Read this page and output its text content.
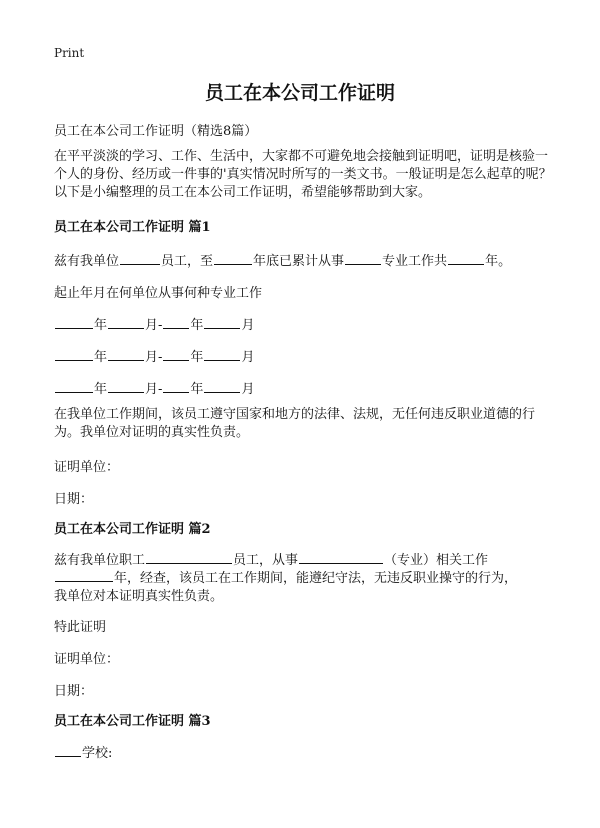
Print
员工在本公司工作证明
员工在本公司工作证明（精选8篇）
在平平淡淡的学习、工作、生活中，大家都不可避免地会接触到证明吧，证明是核验一个人的身份、经历或一件事的'真实情况时所写的一类文书。一般证明是怎么起草的呢？以下是小编整理的员工在本公司工作证明，希望能够帮助到大家。
员工在本公司工作证明 篇1
兹有我单位	员工，至	年底已累计从事	专业工作共	年。
起止年月在何单位从事何种专业工作
年	月- 年	月
年	月- 年	月
年	月- 年	月
在我单位工作期间，该员工遵守国家和地方的法律、法规，无任何违反职业道德的行为。我单位对证明的真实性负责。
证明单位：
日期：
员工在本公司工作证明 篇2
兹有我单位职工	员工，从事	（专业）相关工作
年，经查，该员工在工作期间，能遵纪守法，无违反职业操守的行为，
我单位对本证明真实性负责。
特此证明
证明单位：
日期：
员工在本公司工作证明 篇3
学校:
